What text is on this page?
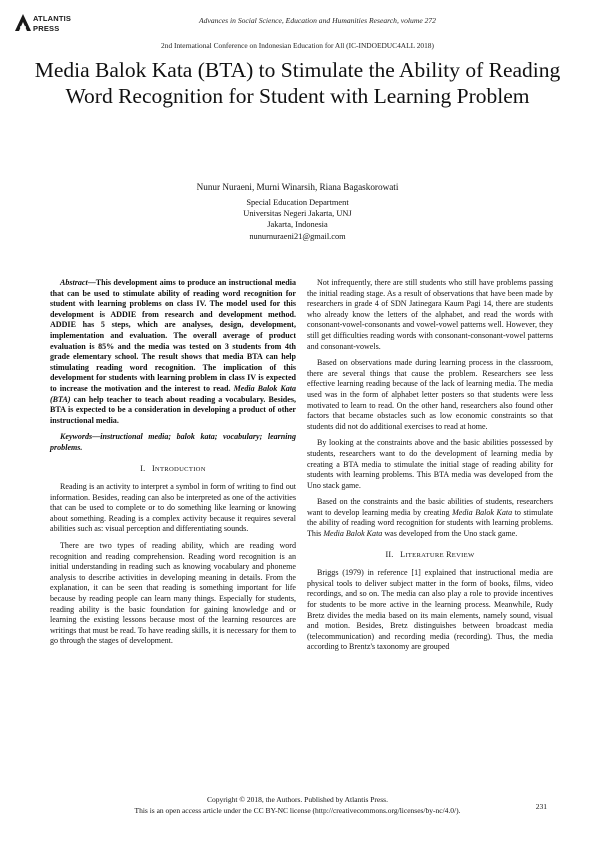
ATLANTIS
PRESS
Advances in Social Science, Education and Humanities Research, volume 272
2nd International Conference on Indonesian Education for All (IC-INDOEDUC4ALL 2018)
Media Balok Kata (BTA) to Stimulate the Ability of Reading Word Recognition for Student with Learning Problem
Nunur Nuraeni, Murni Winarsih, Riana Bagaskorowati
Special Education Department
Universitas Negeri Jakarta, UNJ
Jakarta, Indonesia
nunurnuraeni21@gmail.com

Abstract—This development aims to produce an instructional media that can be used to stimulate ability of reading word recognition for student with learning problems on class IV. The model used for this development is ADDIE from research and development method. ADDIE has 5 steps, which are analyses, design, development, implementation and evaluation. The overall average of product evaluation is 85% and the media was tested on 3 students from 4th grade elementary school. The result shows that media BTA can help stimulating reading word recognition. The implication of this development for students with learning problem in class IV is expected to increase the motivation and the interest to read. Media Balok Kata (BTA) can help teacher to teach about reading a vocabulary. Besides, BTA is expected to be a consideration in developing a product of other instructional media.

Keywords—instructional media; balok kata; vocabulary; learning problems.

I. INTRODUCTION

Reading is an activity to interpret a symbol in form of writing to find out information. Besides, reading can also be interpreted as one of the activities that can be used to complete or to do something like learning or knowing about something. Reading is a complex activity because it requires several abilities such as: visual perception and differentiating sounds.

There are two types of reading ability, which are reading word recognition and reading comprehension. Reading word recognition is an initial understanding in reading such as knowing vocabulary and phoneme analysis to describe activities in developing meaning in details. From the explanation, it can be seen that reading is something important for life because by reading people can learn many things. Especially for students, reading ability is the basic foundation for gaining knowledge and or learning the existing lessons because most of the learning resources are writings that must be read. To have reading skills, it is necessary for them to go through the stages of development.

Not infrequently, there are still students who still have problems passing the initial reading stage. As a result of observations that have been made by researchers in grade 4 of SDN Jatinegara Kaum Pagi 14, there are students who already know the letters of the alphabet, and read the words with consonant-vowel-consonants and vowel-vowel patterns well. However, they still get difficulties reading words with consonant-consonant-vowel patterns and consonant-vowels.

Based on observations made during learning process in the classroom, there are several things that cause the problem. Researchers see less effective learning reading because of the lack of learning media. The media used was in the form of alphabet letter posters so that students were less motivated to learn to read. On the other hand, researchers also found other factors that became obstacles such as low economic constraints so that students did not do additional exercises to read at home.

By looking at the constraints above and the basic abilities possessed by students, researchers want to do the development of learning media by creating a BTA media to stimulate the initial stage of reading ability for students with learning problems. This BTA media was developed from the Uno stack game.

Based on the constraints and the basic abilities of students, researchers want to develop learning media by creating Media Balok Kata to stimulate the ability of reading word recognition for students with learning problems. This Media Balok Kata was developed from the Uno stack game.

II. LITERATURE REVIEW

Briggs (1979) in reference [1] explained that instructional media are physical tools to deliver subject matter in the form of books, films, video recordings, and so on. The media can also play a role to provide incentives for students to be more active in the learning process. Meanwhile, Rudy Bretz divides the media based on its main elements, namely sound, visual and motion. Besides, Bretz distinguishes between broadcast media (telecommunication) and recording media (recording). Thus, the media according to Brentz's taxonomy are grouped

Copyright © 2018, the Authors. Published by Atlantis Press.
This is an open access article under the CC BY-NC license (http://creativecommons.org/licenses/by-nc/4.0/).	231
